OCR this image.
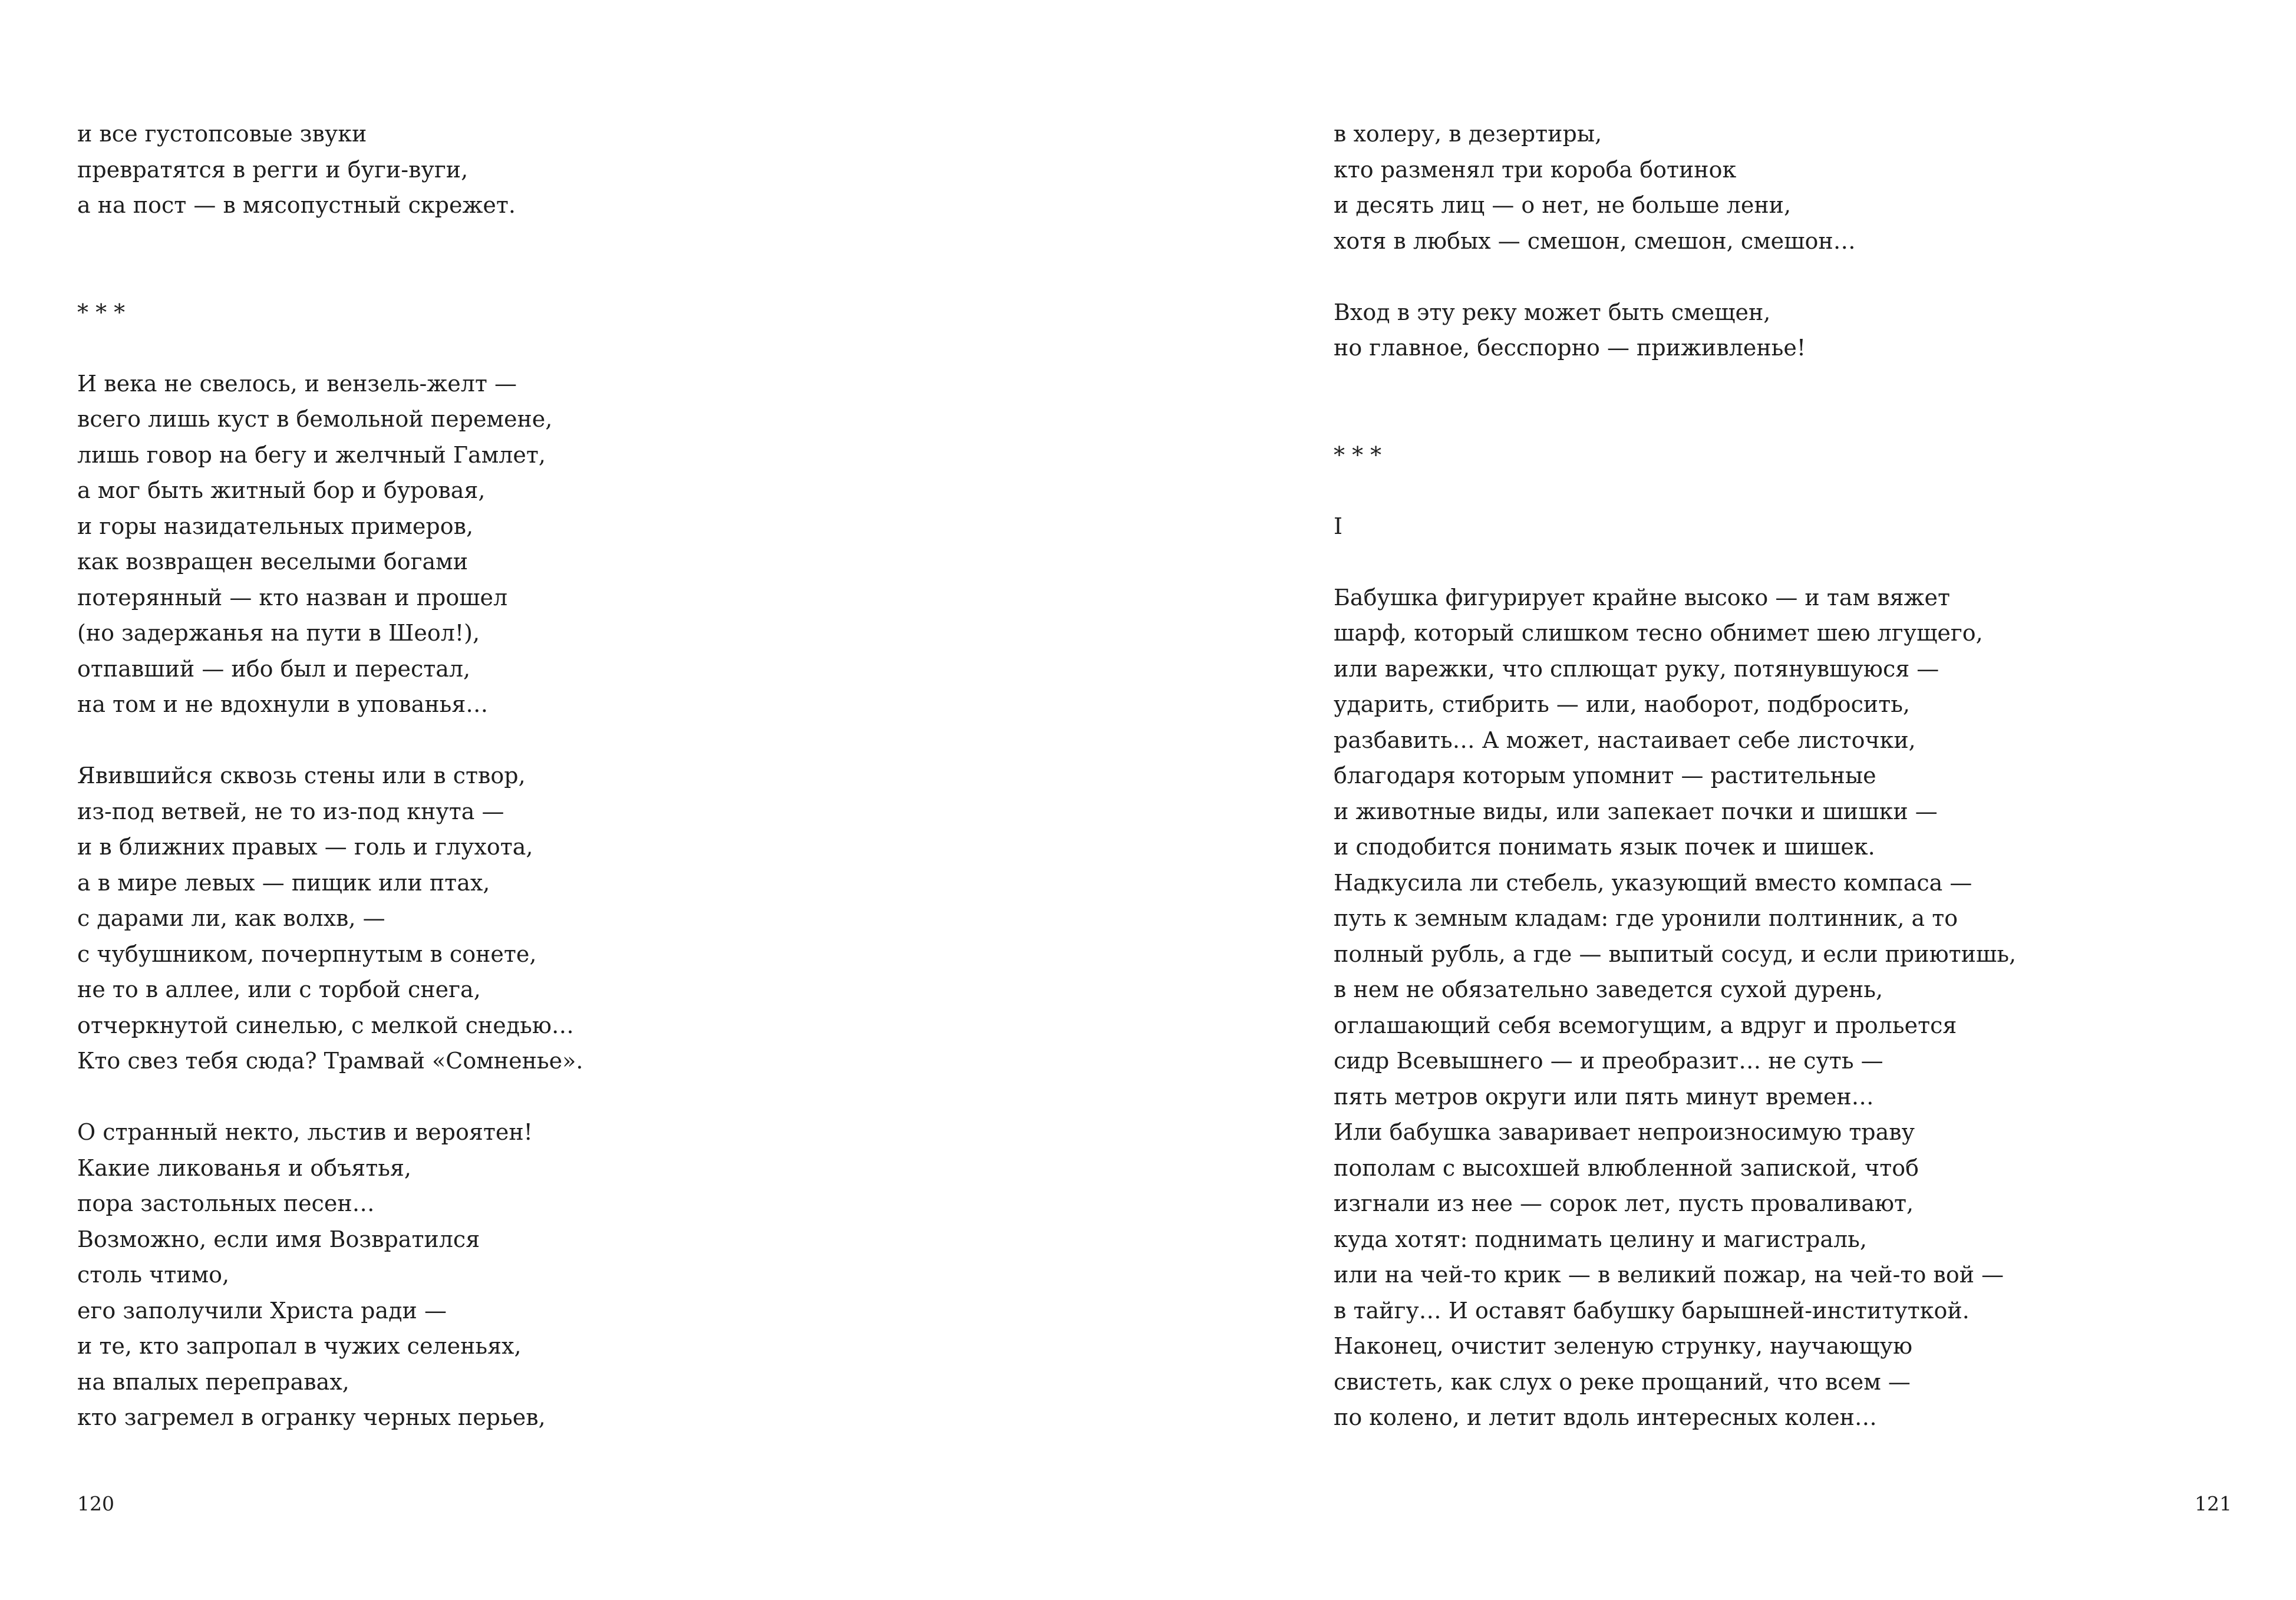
и все густопсовые звуки
превратятся в регги и буги-вуги,
а на пост — в мясопустный скрежет.
* * *
И века не свелось, и вензель-желт —
всего лишь куст в бемольной перемене,
лишь говор на бегу и желчный Гамлет,
а мог быть житный бор и буровая,
и горы назидательных примеров,
как возвращен веселыми богами
потерянный — кто назван и прошел
(но задержанья на пути в Шеол!),
отпавший — ибо был и перестал,
на том и не вдохнули в упованья…
Явившийся сквозь стены или в створ,
из-под ветвей, не то из-под кнута —
и в ближних правых — голь и глухота,
а в мире левых — пищик или птах,
с дарами ли, как волхв, —
с чубушником, почерпнутым в сонете,
не то в аллее, или с торбой снега,
отчеркнутой синелью, с мелкой снедью…
Кто свез тебя сюда? Трамвай «Сомненье».
О странный некто, льстив и вероятен!
Какие ликованья и объятья,
пора застольных песен…
Возможно, если имя Возвратился
столь чтимо,
его заполучили Христа ради —
и те, кто запропал в чужих селеньях,
на впалых переправах,
кто загремел в огранку черных перьев,
120
в холеру, в дезертиры,
кто разменял три короба ботинок
и десять лиц — о нет, не больше лени,
хотя в любых — смешон, смешон, смешон…
Вход в эту реку может быть смещен,
но главное, бесспорно — приживленье!
* * *
I
Бабушка фигурирует крайне высоко — и там вяжет
шарф, который слишком тесно обнимет шею лгущего,
или варежки, что сплющат руку, потянувшуюся —
ударить, стибрить — или, наоборот, подбросить,
разбавить… А может, настаивает себе листочки,
благодаря которым упомнит — растительные
и животные виды, или запекает почки и шишки —
и сподобится понимать язык почек и шишек.
Надкусила ли стебель, указующий вместо компаса —
путь к земным кладам: где уронили полтинник, а то
полный рубль, а где — выпитый сосуд, и если приютишь,
в нем не обязательно заведется сухой дурень,
оглашающий себя всемогущим, а вдруг и прольется
сидр Всевышнего — и преобразит… не суть —
пять метров округи или пять минут времен…
Или бабушка заваривает непроизносимую траву
пополам с высохшей влюбленной запиской, чтоб
изгнали из нее — сорок лет, пусть проваливают,
куда хотят: поднимать целину и магистраль,
или на чей-то крик — в великий пожар, на чей-то вой —
в тайгу… И оставят бабушку барышней-институткой.
Наконец, очистит зеленую струнку, научающую
свистеть, как слух о реке прощаний, что всем —
по колено, и летит вдоль интересных колен…
121
